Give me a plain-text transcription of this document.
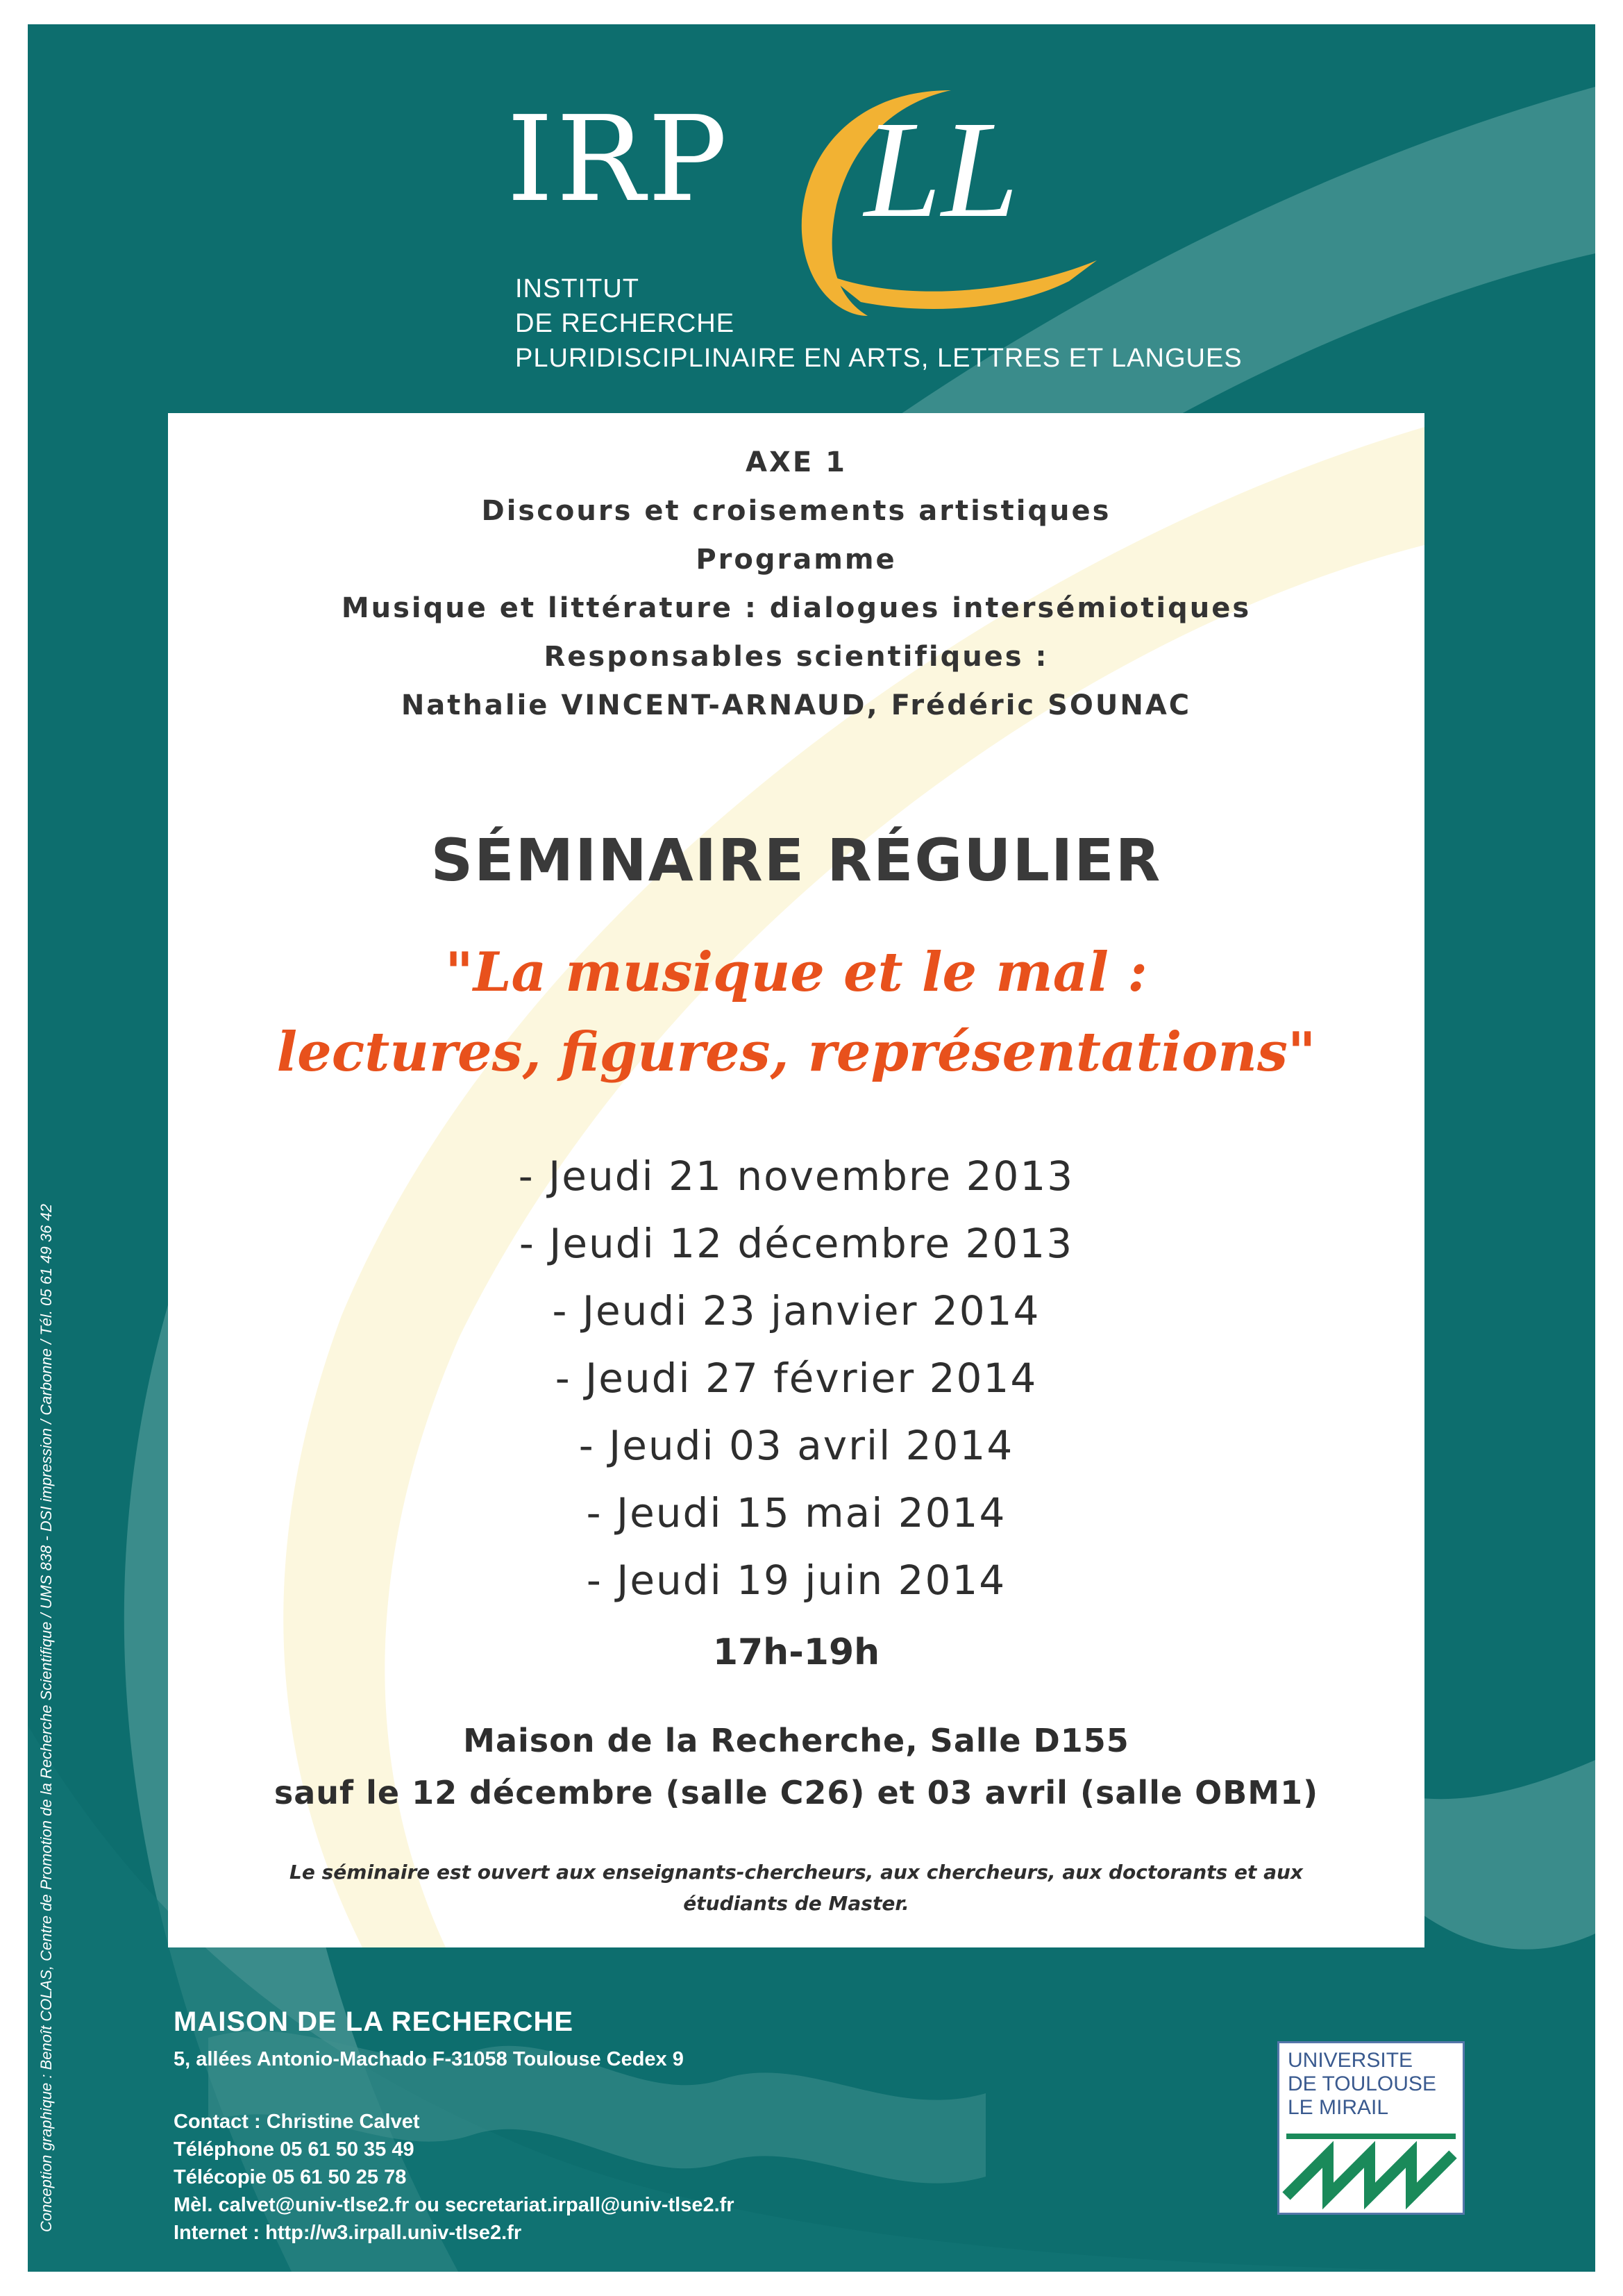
IRP LL
INSTITUT
DE RECHERCHE
PLURIDISCIPLINAIRE EN ARTS, LETTRES ET LANGUES
AXE 1
Discours et croisements artistiques
Programme
Musique et littérature : dialogues intersémiotiques
Responsables scientifiques :
Nathalie VINCENT-ARNAUD, Frédéric SOUNAC
SÉMINAIRE RÉGULIER
"La musique et le mal :
lectures, figures, représentations"
- Jeudi 21 novembre 2013
- Jeudi 12 décembre 2013
- Jeudi 23 janvier 2014
- Jeudi 27 février 2014
- Jeudi 03 avril 2014
- Jeudi 15 mai 2014
- Jeudi 19 juin 2014
17h-19h
Maison de la Recherche, Salle D155
sauf le 12 décembre (salle C26) et 03 avril (salle OBM1)
Le séminaire est ouvert aux enseignants-chercheurs, aux chercheurs, aux doctorants et aux
étudiants de Master.
MAISON DE LA RECHERCHE
5, allées Antonio-Machado F-31058 Toulouse Cedex 9
Contact : Christine Calvet
Téléphone 05 61 50 35 49
Télécopie 05 61 50 25 78
Mèl. calvet@univ-tlse2.fr ou secretariat.irpall@univ-tlse2.fr
Internet : http://w3.irpall.univ-tlse2.fr
Conception graphique : Benoît COLAS, Centre de Promotion de la Recherche Scientifique / UMS 838 - DSI impression / Carbonne / Tél. 05 61 49 36 42	UNIVERSITE
DE TOULOUSE
LE MIRAIL
